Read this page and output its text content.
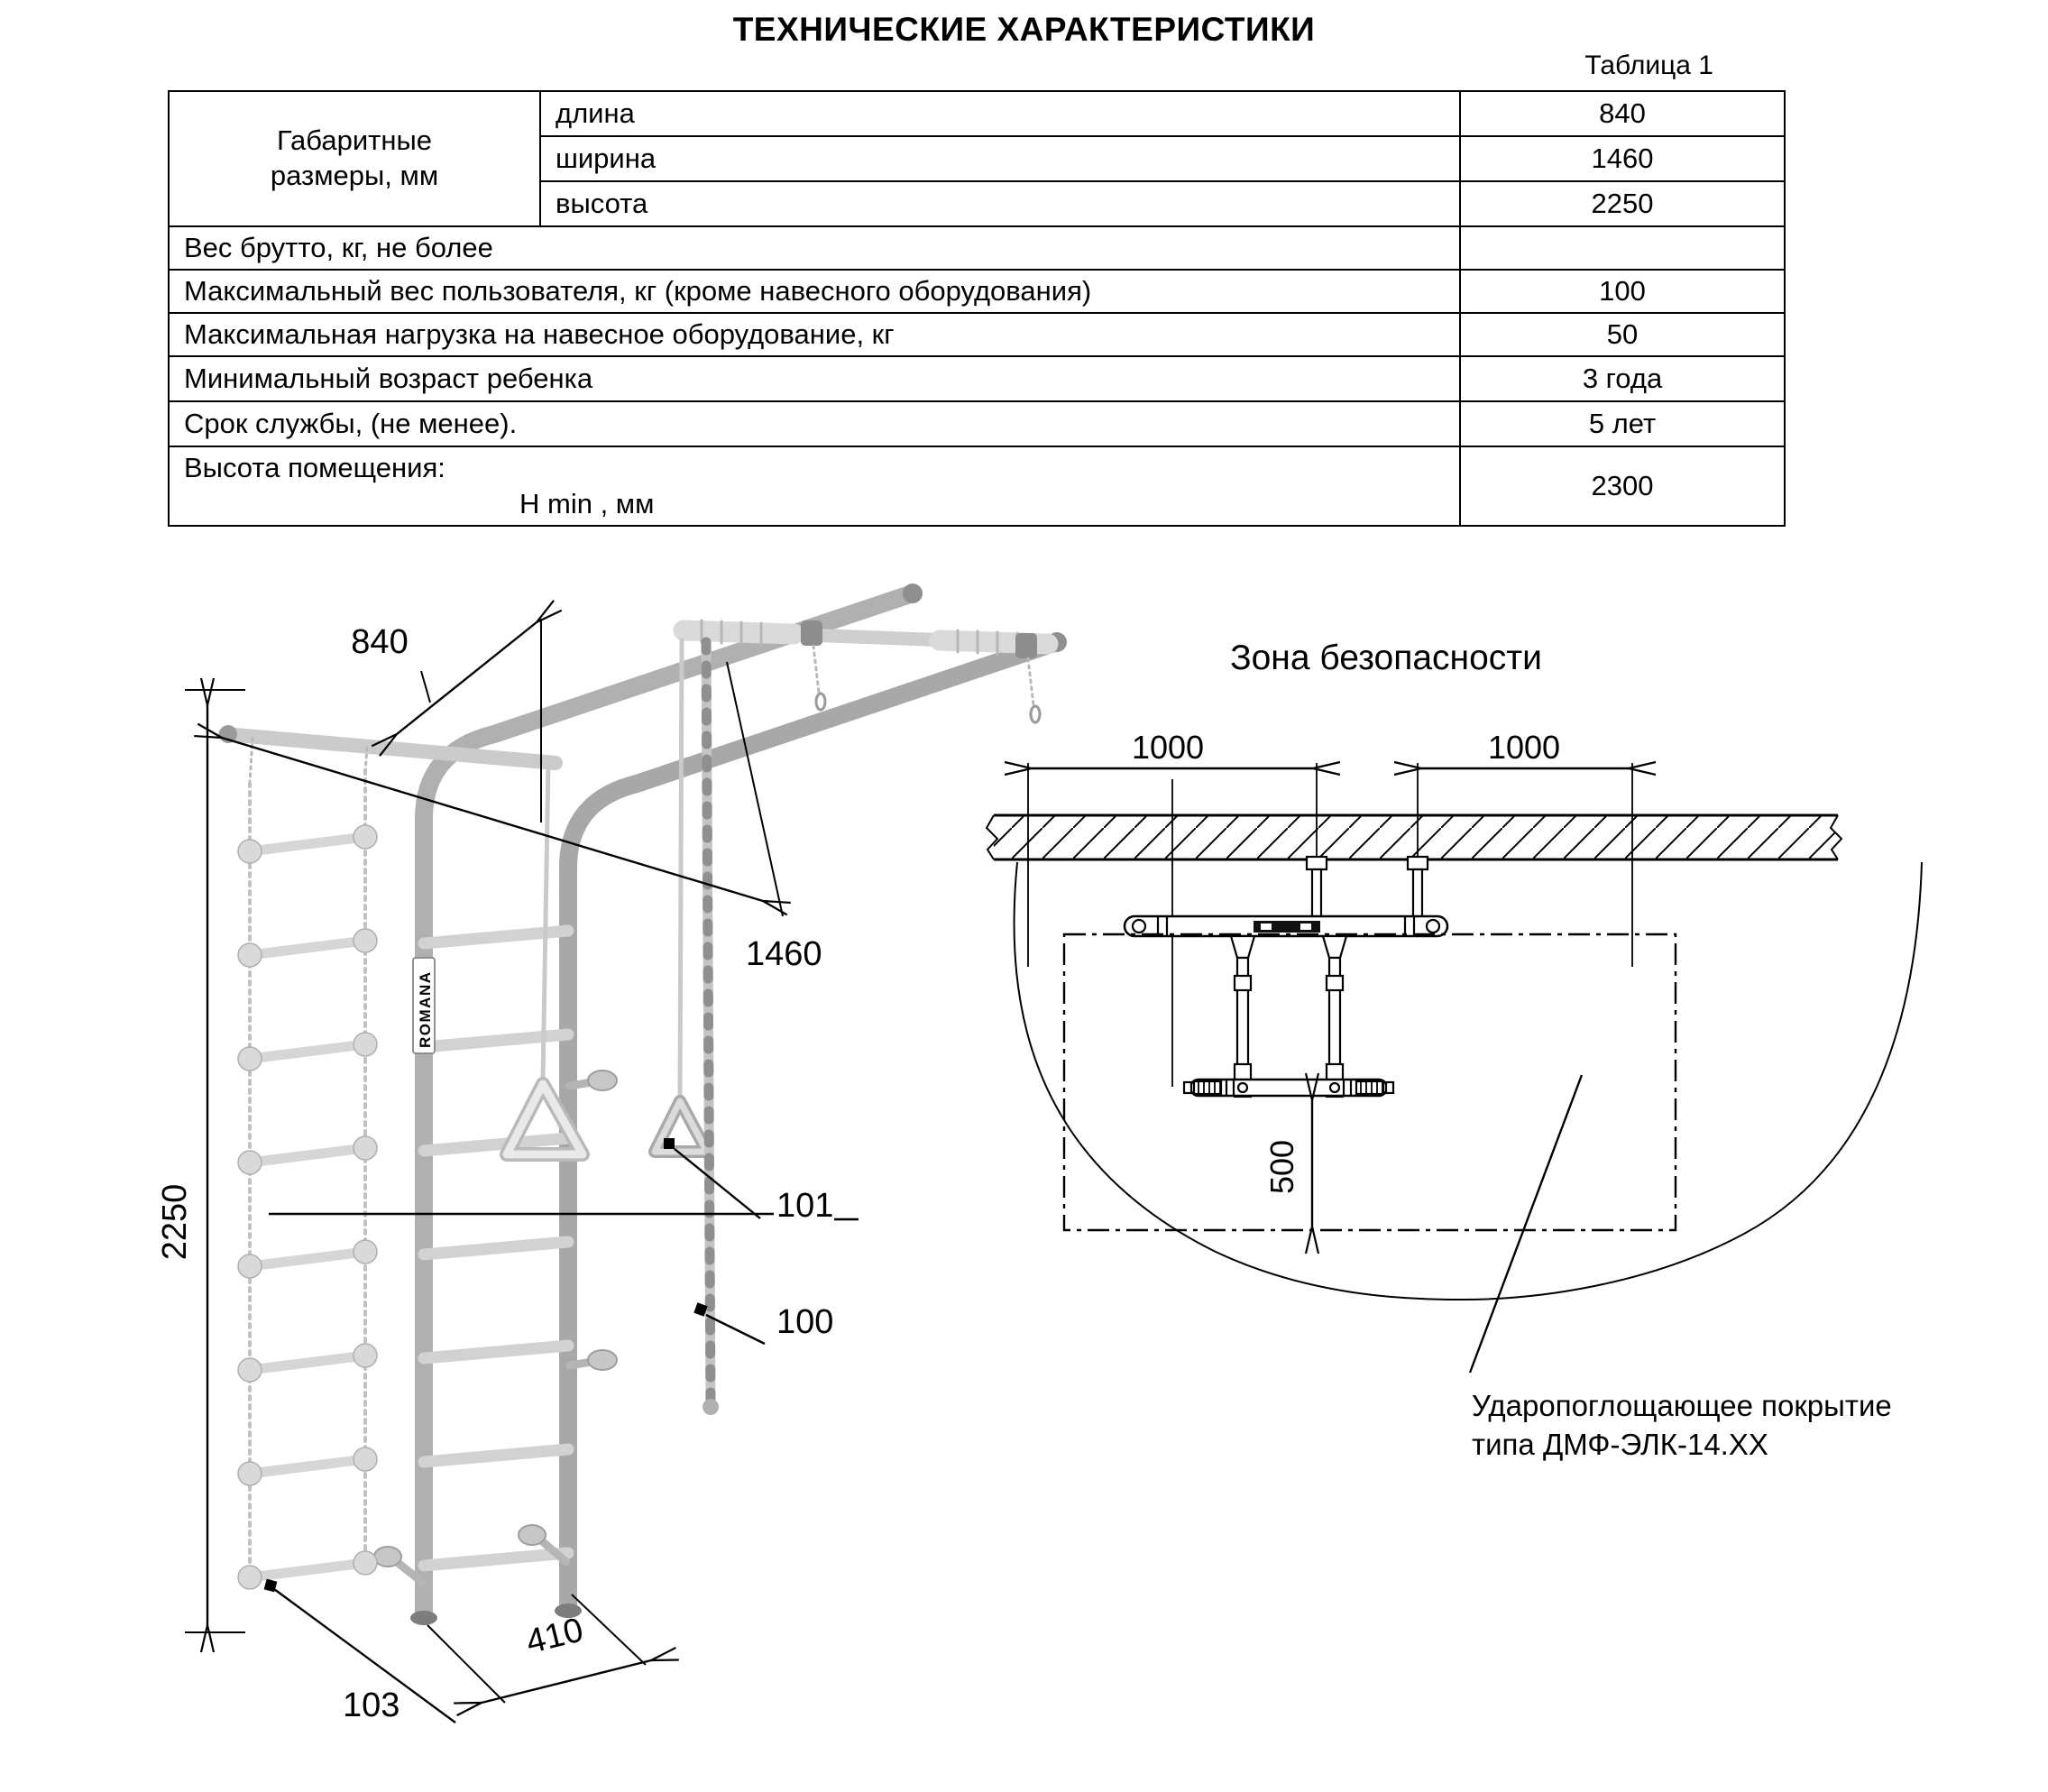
ТЕХНИЧЕСКИЕ ХАРАКТЕРИСТИКИ
Таблица 1
Габаритные
размеры, мм	длина	840
	ширина	1460
	высота	2250
Вес брутто, кг, не более		
Максимальный вес пользователя, кг (кроме навесного оборудования)		100
Максимальная нагрузка на навесное оборудование, кг		50
Минимальный возраст ребенка		3 года
Срок службы, (не менее).		5 лет

Высота помещения:
H min , мм		2300
ROMANA
2250
840
1460
101
100
410
103
Зона безопасности
1000	1000
500
Ударопоглощающее покрытие
типа ДМФ-ЭЛК-14.ХХ
